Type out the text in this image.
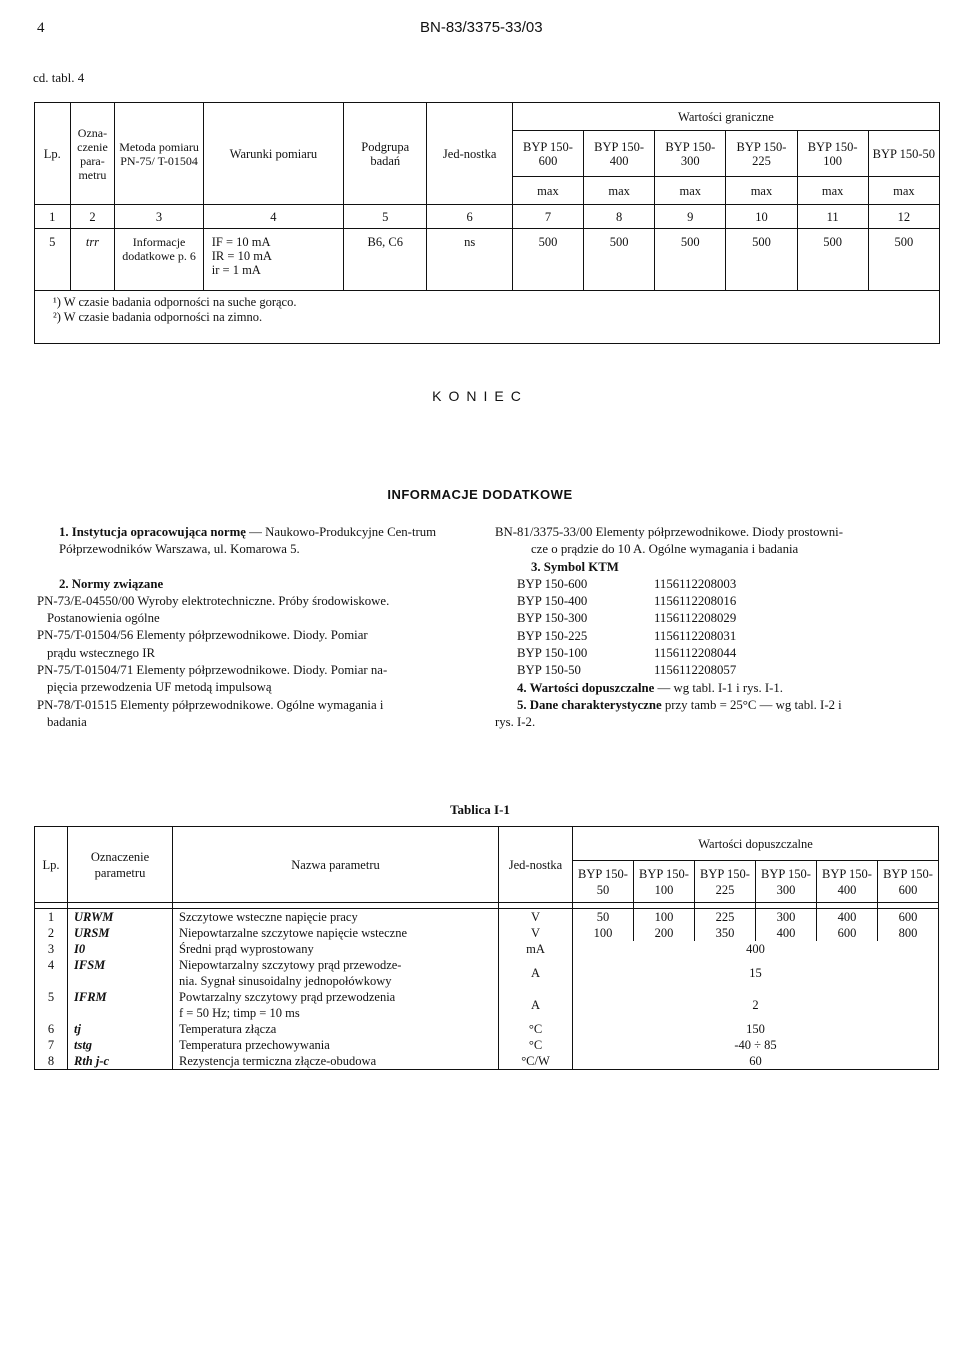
4	BN-83/3375-33/03
cd. tabl. 4
Lp.	Ozna-czenie para-metru	Metoda pomiaru PN-75/ T-01504	Warunki pomiaru	Podgrupa badań	Jed-nostka	Wartości graniczne					
						BYP 150-600	BYP 150-400	BYP 150-300	BYP 150-225	BYP 150-100	BYP 150-50
						max	max	max	max	max	max
1	2	3	4	5	6	7	8	9	10	11	12
5	trr	Informacje dodatkowe p. 6	IF = 10 mA
IR = 10 mA
ir = 1 mA	B6, C6	ns	500	500	500	500	500	500

¹) W czasie badania odporności na suche gorąco.
²) W czasie badania odporności na zimno.											
KONIEC
INFORMACJE DODATKOWE
1. Instytucja opracowująca normę — Naukowo-Produkcyjne Cen-trum Półprzewodników Warszawa, ul. Komarowa 5.
2. Normy związane
PN-73/E-04550/00 Wyroby elektrotechniczne. Próby środowiskowe.
Postanowienia ogólne
PN-75/T-01504/56 Elementy półprzewodnikowe. Diody. Pomiar
prądu wstecznego IR
PN-75/T-01504/71 Elementy półprzewodnikowe. Diody. Pomiar na-
pięcia przewodzenia UF metodą impulsową
PN-78/T-01515 Elementy półprzewodnikowe. Ogólne wymagania i
badania
BN-81/3375-33/00 Elementy półprzewodnikowe. Diody prostowni-
cze o prądzie do 10 A. Ogólne wymagania i badania
3. Symbol KTM
BYP 150-600	1156112208003
BYP 150-400	1156112208016
BYP 150-300	1156112208029
BYP 150-225	1156112208031
BYP 150-100	1156112208044
BYP 150-50	1156112208057
4. Wartości dopuszczalne — wg tabl. I-1 i rys. I-1.
5. Dane charakterystyczne przy tamb = 25°C — wg tabl. I-2 i
rys. I-2.
Tablica I-1
Lp.	Oznaczenie parametru	Nazwa parametru	Jed-nostka	Wartości dopuszczalne					
				BYP 150-50	BYP 150-100	BYP 150-225	BYP 150-300	BYP 150-400	BYP 150-600

1	URWM	Szczytowe wsteczne napięcie pracy	V	50	100	225	300	400	600
2	URSM	Niepowtarzalne szczytowe napięcie wsteczne	V	100	200	350	400	600	800
3	I0	Średni prąd wyprostowany	mA	400					
4	IFSM	Niepowtarzalny szczytowy prąd przewodze-
nia. Sygnał sinusoidalny jednopołówkowy	A	15					
5	IFRM	Powtarzalny szczytowy prąd przewodzenia
f = 50 Hz; timp = 10 ms	A	2					
6	tj	Temperatura złącza	°C	150					
7	tstg	Temperatura przechowywania	°C	-40 ÷ 85					
8	Rth j-c	Rezystencja termiczna złącze-obudowa	°C/W	60					
